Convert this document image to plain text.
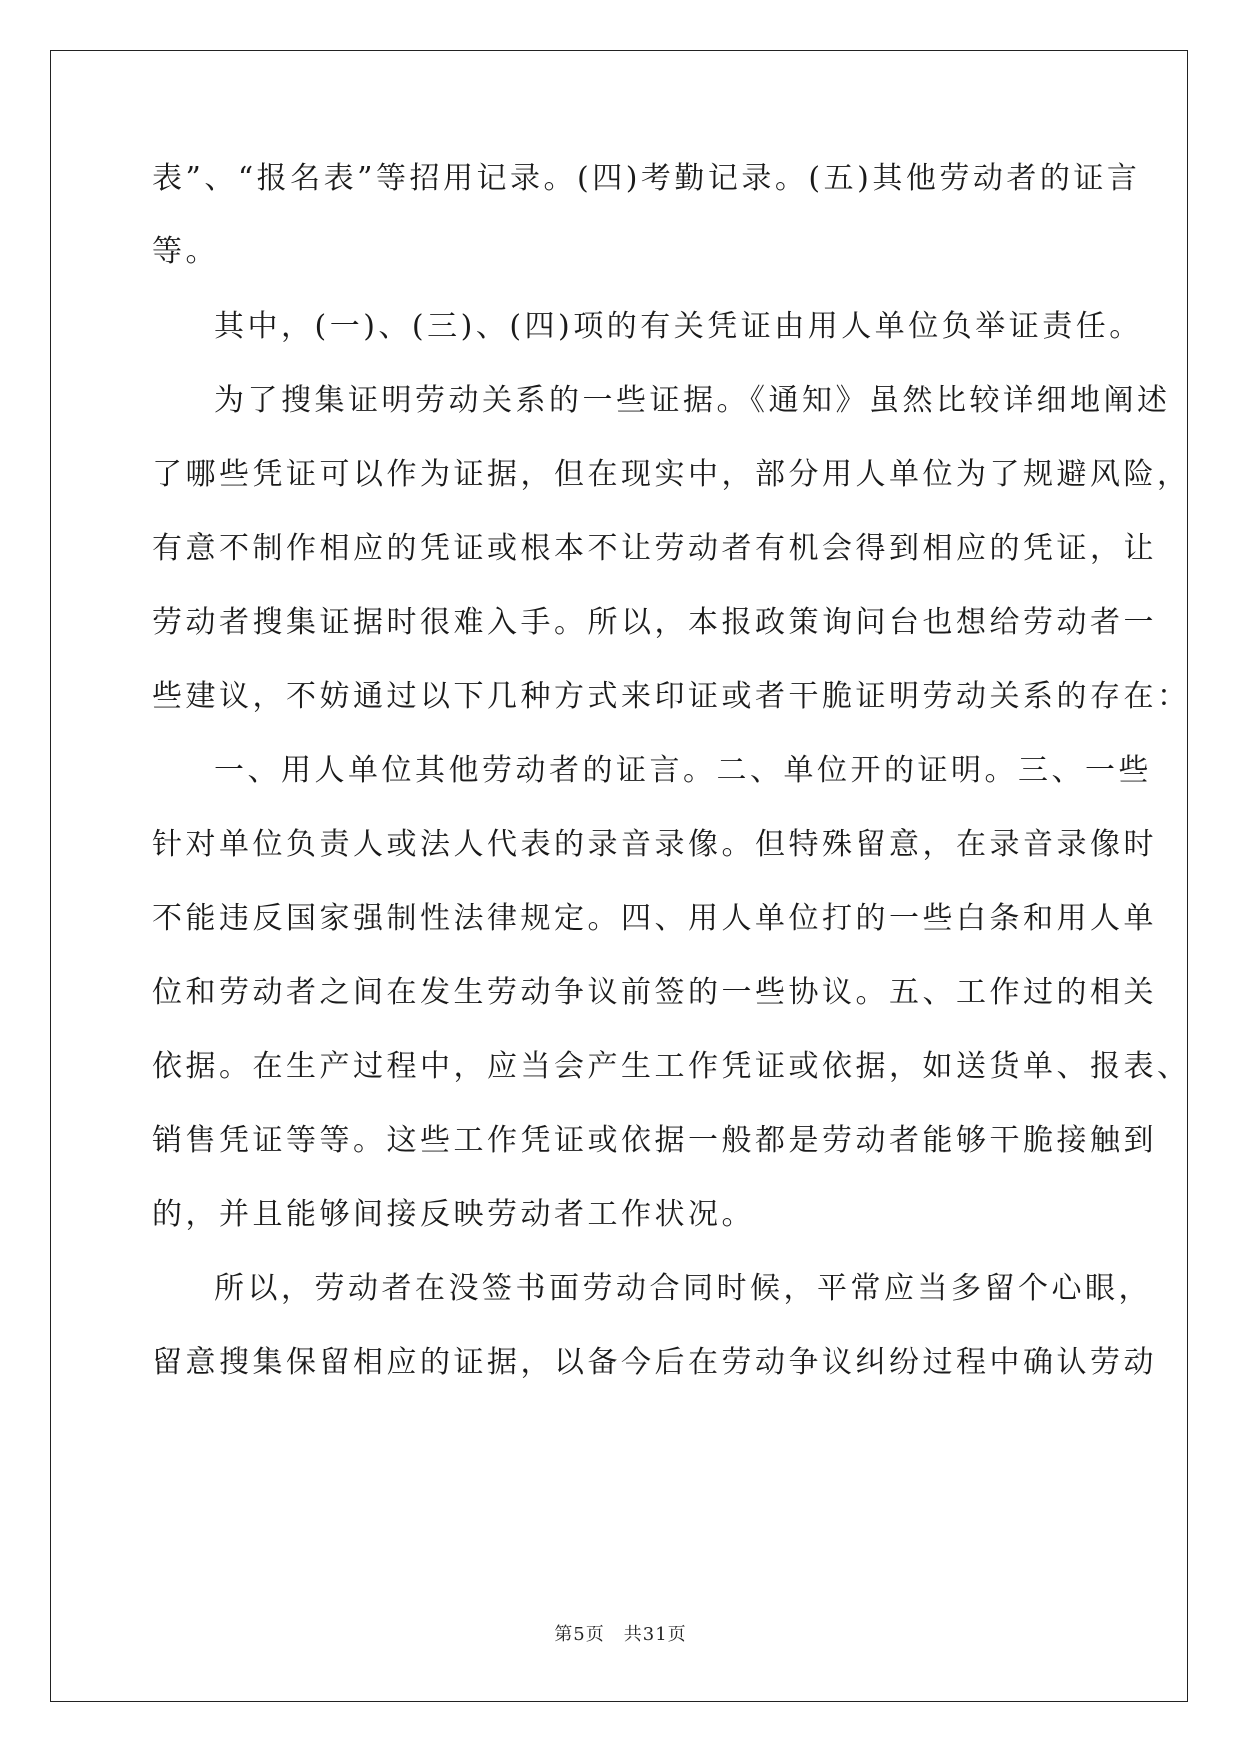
表”、“报名表”等招用记录。(四)考勤记录。(五)其他劳动者的证言
等。
其中，(一)、(三)、(四)项的有关凭证由用人单位负举证责任。
为了搜集证明劳动关系的一些证据。《通知》虽然比较详细地阐述
了哪些凭证可以作为证据，但在现实中，部分用人单位为了规避风险，
有意不制作相应的凭证或根本不让劳动者有机会得到相应的凭证，让
劳动者搜集证据时很难入手。所以，本报政策询问台也想给劳动者一
些建议，不妨通过以下几种方式来印证或者干脆证明劳动关系的存在：
一、用人单位其他劳动者的证言。二、单位开的证明。三、一些
针对单位负责人或法人代表的录音录像。但特殊留意，在录音录像时
不能违反国家强制性法律规定。四、用人单位打的一些白条和用人单
位和劳动者之间在发生劳动争议前签的一些协议。五、工作过的相关
依据。在生产过程中，应当会产生工作凭证或依据，如送货单、报表、
销售凭证等等。这些工作凭证或依据一般都是劳动者能够干脆接触到
的，并且能够间接反映劳动者工作状况。
所以，劳动者在没签书面劳动合同时候，平常应当多留个心眼，
留意搜集保留相应的证据，以备今后在劳动争议纠纷过程中确认劳动
第5页　共31页
